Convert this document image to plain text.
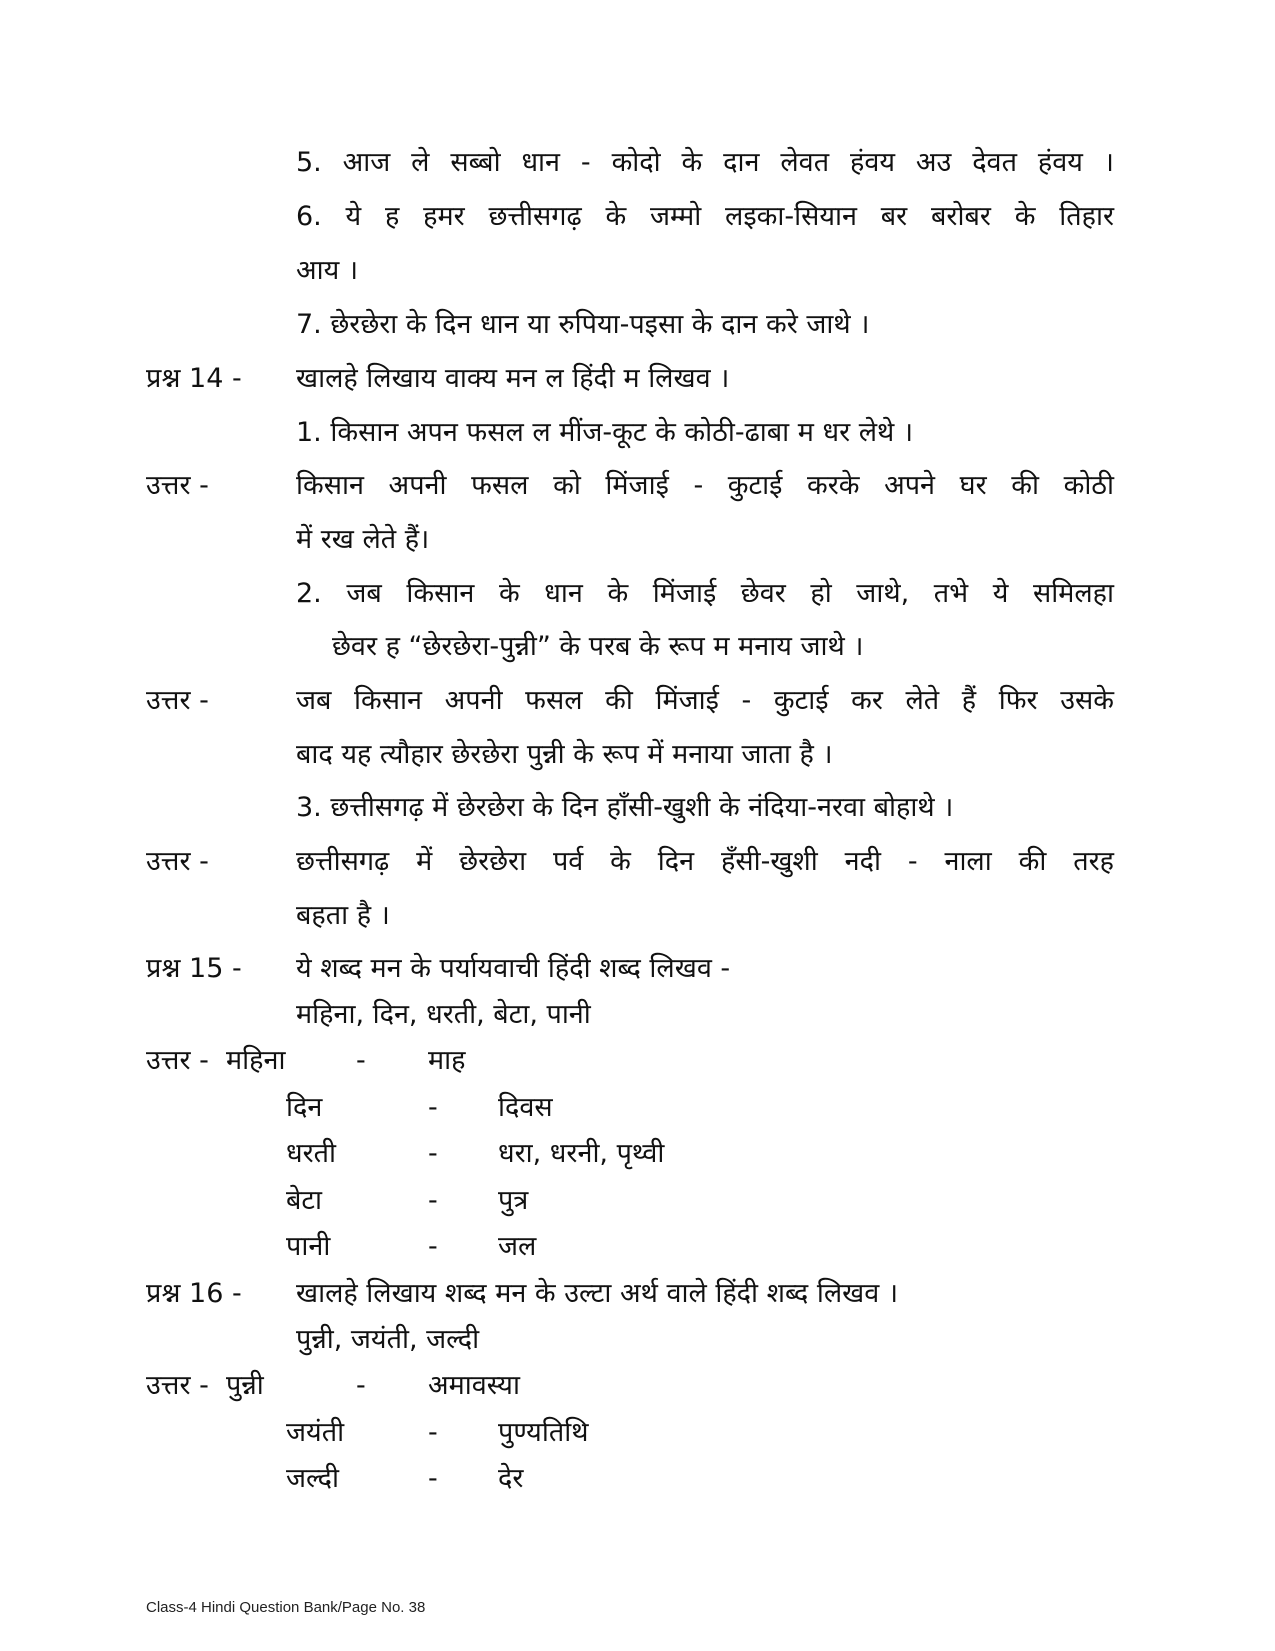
5. आज ले सब्बो धान - कोदो के दान लेवत हंवय अउ देवत हंवय ।
6. ये ह हमर छत्तीसगढ़ के जम्मो लइका-सियान बर बरोबर के तिहार
आय ।
7. छेरछेरा के दिन धान या रुपिया-पइसा के दान करे जाथे ।
प्रश्न 14 - खालहे लिखाय वाक्य मन ल हिंदी म लिखव ।
1. किसान अपन फसल ल मींज-कूट के कोठी-ढाबा म धर लेथे ।
उत्तर -	किसान अपनी फसल को मिंजाई - कुटाई करके अपने घर की कोठी
में रख लेते हैं।
2. जब किसान के धान के मिंजाई छेवर हो जाथे, तभे ये समिलहा
छेवर ह “छेरछेरा-पुन्नी” के परब के रूप म मनाय जाथे ।
उत्तर -	जब किसान अपनी फसल की मिंजाई - कुटाई कर लेते हैं फिर उसके
बाद यह त्यौहार छेरछेरा पुन्नी के रूप में मनाया जाता है ।
3. छत्तीसगढ़ में छेरछेरा के दिन हाँसी-खुशी के नंदिया-नरवा बोहाथे ।
उत्तर -	छत्तीसगढ़ में छेरछेरा पर्व के दिन हँसी-खुशी नदी - नाला की तरह
बहता है ।
प्रश्न 15 - ये शब्द मन के पर्यायवाची हिंदी शब्द लिखव -
महिना, दिन, धरती, बेटा, पानी
उत्तर - महिना	- माह
दिन	- दिवस
धरती	- धरा, धरनी, पृथ्वी
बेटा	- पुत्र
पानी	- जल
प्रश्न 16 - खालहे लिखाय शब्द मन के उल्टा अर्थ वाले हिंदी शब्द लिखव ।
पुन्नी, जयंती, जल्दी
उत्तर - पुन्नी	- अमावस्या
जयंती	- पुण्यतिथि
जल्दी	- देर
Class-4 Hindi Question Bank/Page No. 38
